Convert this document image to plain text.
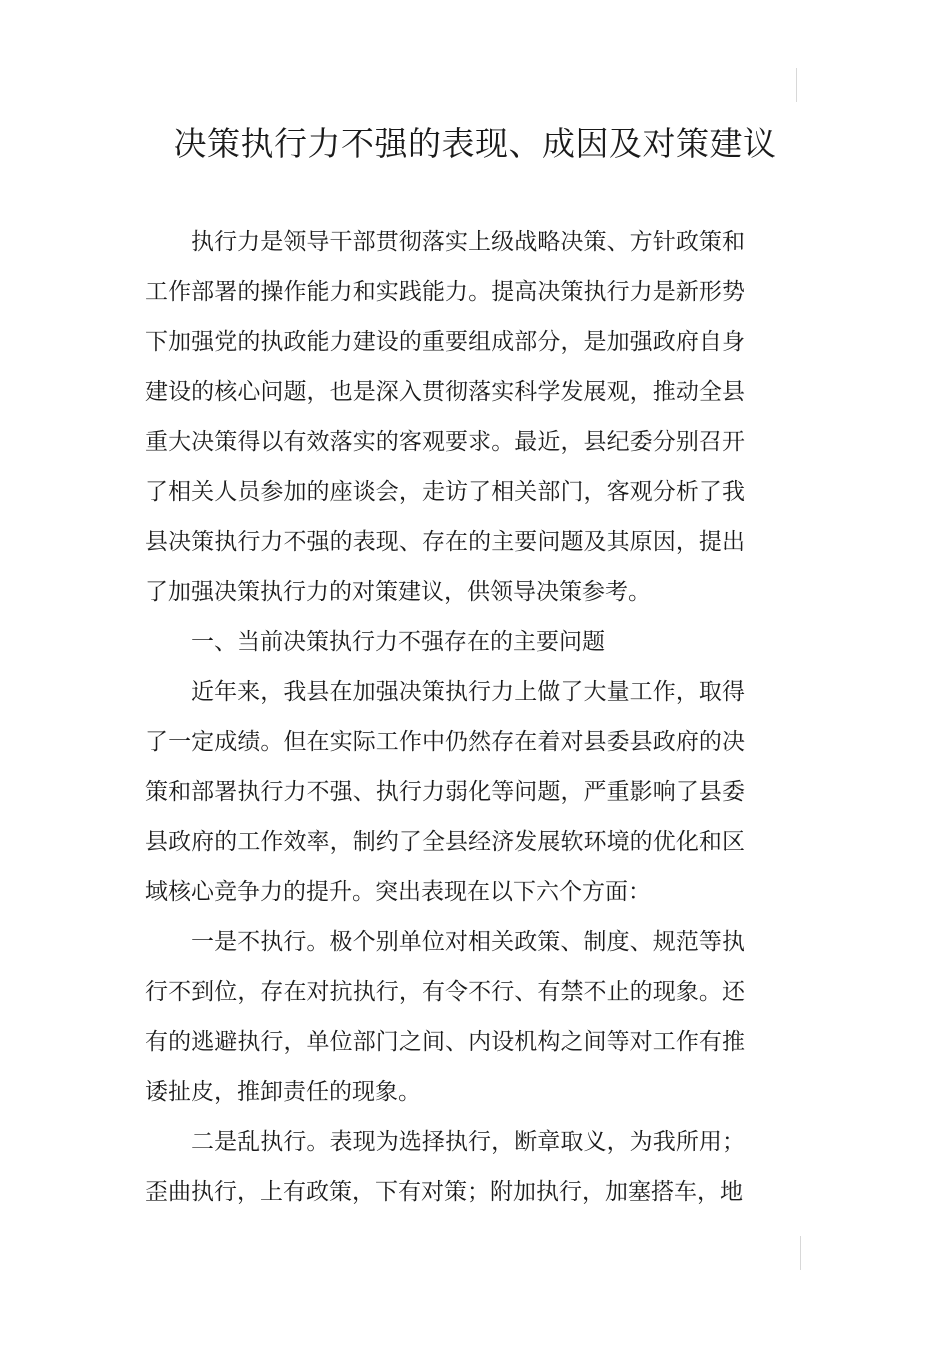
决策执行力不强的表现、成因及对策建议

执行力是领导干部贯彻落实上级战略决策、方针政策和工作部署的操作能力和实践能力。提高决策执行力是新形势下加强党的执政能力建设的重要组成部分，是加强政府自身建设的核心问题，也是深入贯彻落实科学发展观，推动全县重大决策得以有效落实的客观要求。最近，县纪委分别召开了相关人员参加的座谈会，走访了相关部门，客观分析了我县决策执行力不强的表现、存在的主要问题及其原因，提出了加强决策执行力的对策建议，供领导决策参考。

一、当前决策执行力不强存在的主要问题

近年来，我县在加强决策执行力上做了大量工作，取得了一定成绩。但在实际工作中仍然存在着对县委县政府的决策和部署执行力不强、执行力弱化等问题，严重影响了县委县政府的工作效率，制约了全县经济发展软环境的优化和区域核心竞争力的提升。突出表现在以下六个方面：

一是不执行。极个别单位对相关政策、制度、规范等执行不到位，存在对抗执行，有令不行、有禁不止的现象。还有的逃避执行，单位部门之间、内设机构之间等对工作有推诿扯皮，推卸责任的现象。

二是乱执行。表现为选择执行，断章取义，为我所用；歪曲执行，上有政策，下有对策；附加执行，加塞搭车，地
